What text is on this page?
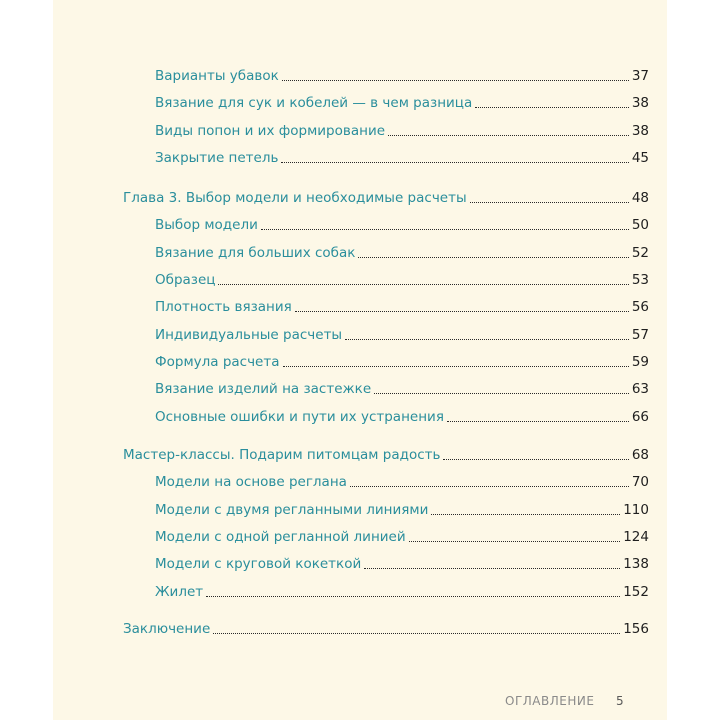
Варианты убавок	37
Вязание для сук и кобелей — в чем разница	38
Виды попон и их формирование	38
Закрытие петель	45
Глава 3. Выбор модели и необходимые расчеты	48
Выбор модели	50
Вязание для больших собак	52
Образец	53
Плотность вязания	56
Индивидуальные расчеты	57
Формула расчета	59
Вязание изделий на застежке	63
Основные ошибки и пути их устранения	66
Мастер-классы. Подарим питомцам радость	68
Модели на основе реглана	70
Модели с двумя регланными линиями	110
Модели с одной регланной линией	124
Модели с круговой кокеткой	138
Жилет	152
Заключение	156
ОГЛАВЛЕНИЕ 5
